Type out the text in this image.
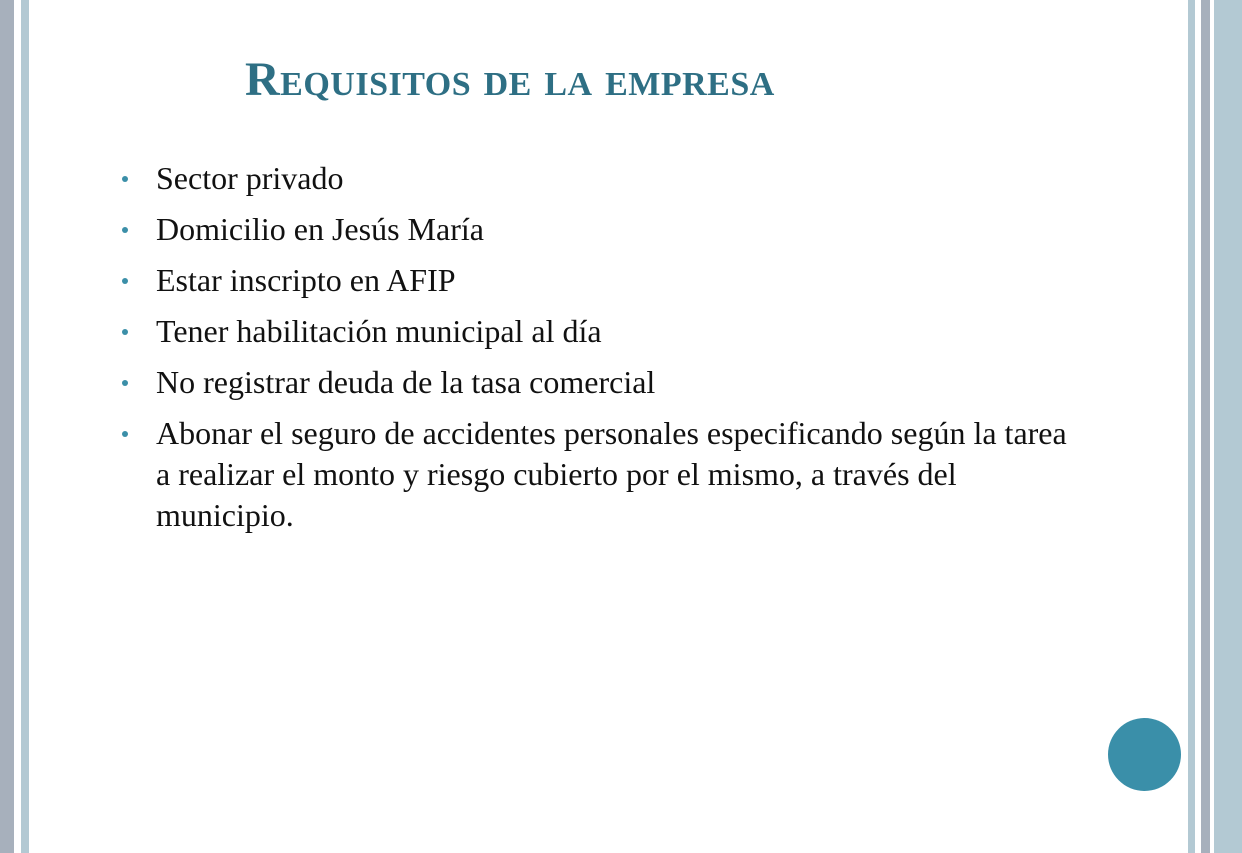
Requisitos de la empresa
Sector privado
Domicilio en Jesús María
Estar inscripto en AFIP
Tener habilitación municipal al día
No registrar deuda de la tasa comercial
Abonar el seguro de accidentes personales especificando según la tarea a realizar el monto y riesgo cubierto por el mismo, a través del municipio.
